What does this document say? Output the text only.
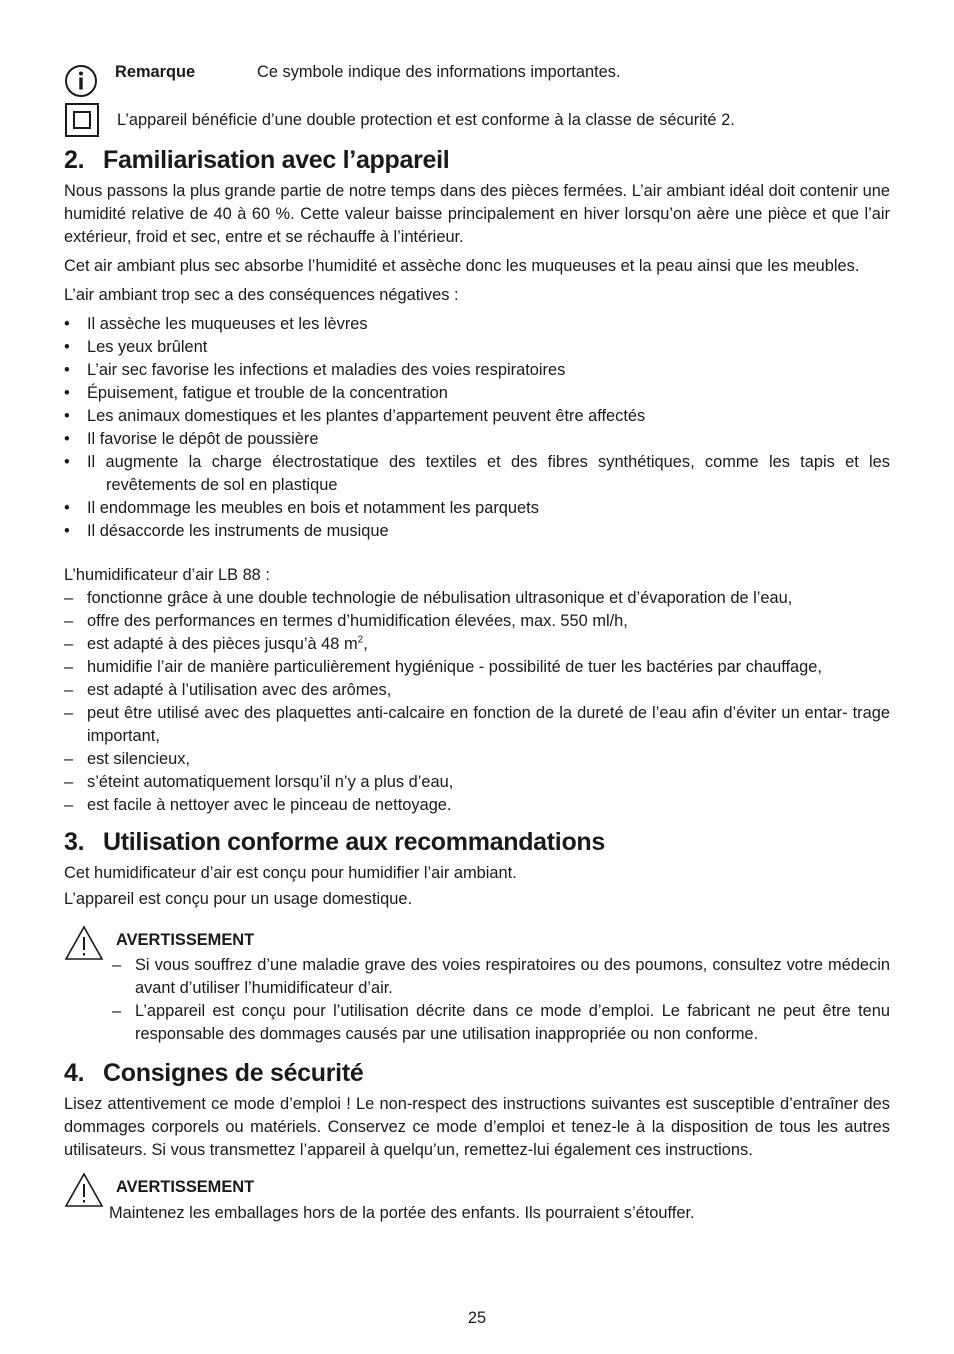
Remarque	Ce symbole indique des informations importantes.
L’appareil bénéficie d’une double protection et est conforme à la classe de sécurité 2.
2. Familiarisation avec l’appareil

Nous passons la plus grande partie de notre temps dans des pièces fermées. L’air ambiant idéal doit contenir une humidité relative de 40 à 60 %. Cette valeur baisse principalement en hiver lorsqu’on aère une pièce et que l’air extérieur, froid et sec, entre et se réchauffe à l’intérieur.

Cet air ambiant plus sec absorbe l’humidité et assèche donc les muqueuses et la peau ainsi que les meubles.

L’air ambiant trop sec a des conséquences négatives :

•	Il assèche les muqueuses et les lèvres
•	Les yeux brûlent
•	L’air sec favorise les infections et maladies des voies respiratoires
•	Épuisement, fatigue et trouble de la concentration
•	Les animaux domestiques et les plantes d’appartement peuvent être affectés
•	Il favorise le dépôt de poussière
•	Il augmente la charge électrostatique des textiles et des fibres synthétiques, comme les tapis et les revêtements de sol en plastique
•	Il endommage les meubles en bois et notamment les parquets
•	Il désaccorde les instruments de musique

L’humidificateur d’air LB 88 :

– fonctionne grâce à une double technologie de nébulisation ultrasonique et d’évaporation de l’eau,
– offre des performances en termes d’humidification élevées, max. 550 ml/h,
– est adapté à des pièces jusqu’à 48 $m^2$,
– humidifie l’air de manière particulièrement hygiénique - possibilité de tuer les bactéries par chauffage,
– est adapté à l’utilisation avec des arômes,
– peut être utilisé avec des plaquettes anti-calcaire en fonction de la dureté de l’eau afin d’éviter un entar- trage important,
– est silencieux,
– s’éteint automatiquement lorsqu’il n’y a plus d’eau,
– est facile à nettoyer avec le pinceau de nettoyage.
3. Utilisation conforme aux recommandations

Cet humidificateur d’air est conçu pour humidifier l’air ambiant.

L’appareil est conçu pour un usage domestique.

AVERTISSEMENT
– Si vous souffrez d’une maladie grave des voies respiratoires ou des poumons, consultez votre médecin avant d’utiliser l’humidificateur d’air.
– L’appareil est conçu pour l’utilisation décrite dans ce mode d’emploi. Le fabricant ne peut être tenu responsable des dommages causés par une utilisation inappropriée ou non conforme.
4. Consignes de sécurité

Lisez attentivement ce mode d’emploi ! Le non-respect des instructions suivantes est susceptible d’entraîner des dommages corporels ou matériels. Conservez ce mode d’emploi et tenez-le à la disposition de tous les autres utilisateurs. Si vous transmettez l’appareil à quelqu’un, remettez-lui également ces instructions.

AVERTISSEMENT
Maintenez les emballages hors de la portée des enfants. Ils pourraient s’étouffer.
25
